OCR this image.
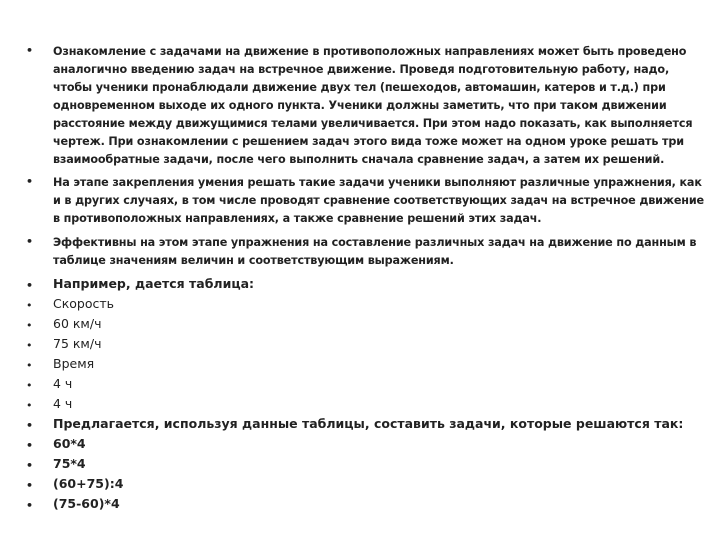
•	Ознакомление с задачами на движение в противоположных направлениях может быть проведено аналогично введению задач на встречное движение. Проведя подготовительную работу, надо, чтобы ученики пронаблюдали движение двух тел (пешеходов, автомашин, катеров и т.д.) при одновременном выходе их одного пункта. Ученики должны заметить, что при таком движении расстояние между движущимися телами увеличивается. При этом надо показать, как выполняется чертеж. При ознакомлении с решением задач этого вида тоже может на одном уроке решать три взаимообратные задачи, после чего выполнить сначала сравнение задач, а затем их решений.
•	На этапе закрепления умения решать такие задачи ученики выполняют различные упражнения, как и в других случаях, в том числе проводят сравнение соответствующих задач на встречное движение в противоположных направлениях, а также сравнение решений этих задач.
•	Эффективны на этом этапе упражнения на составление различных задач на движение по данным в таблице значениям величин и соответствующим выражениям.
•	Например, дается таблица:
•	Скорость
•	60 км/ч
•	75 км/ч
•	Время
•	4 ч
•	4 ч
•	Предлагается, используя данные таблицы, составить задачи, которые решаются так:
•	60*4
•	75*4
•	(60+75):4
•	(75-60)*4
